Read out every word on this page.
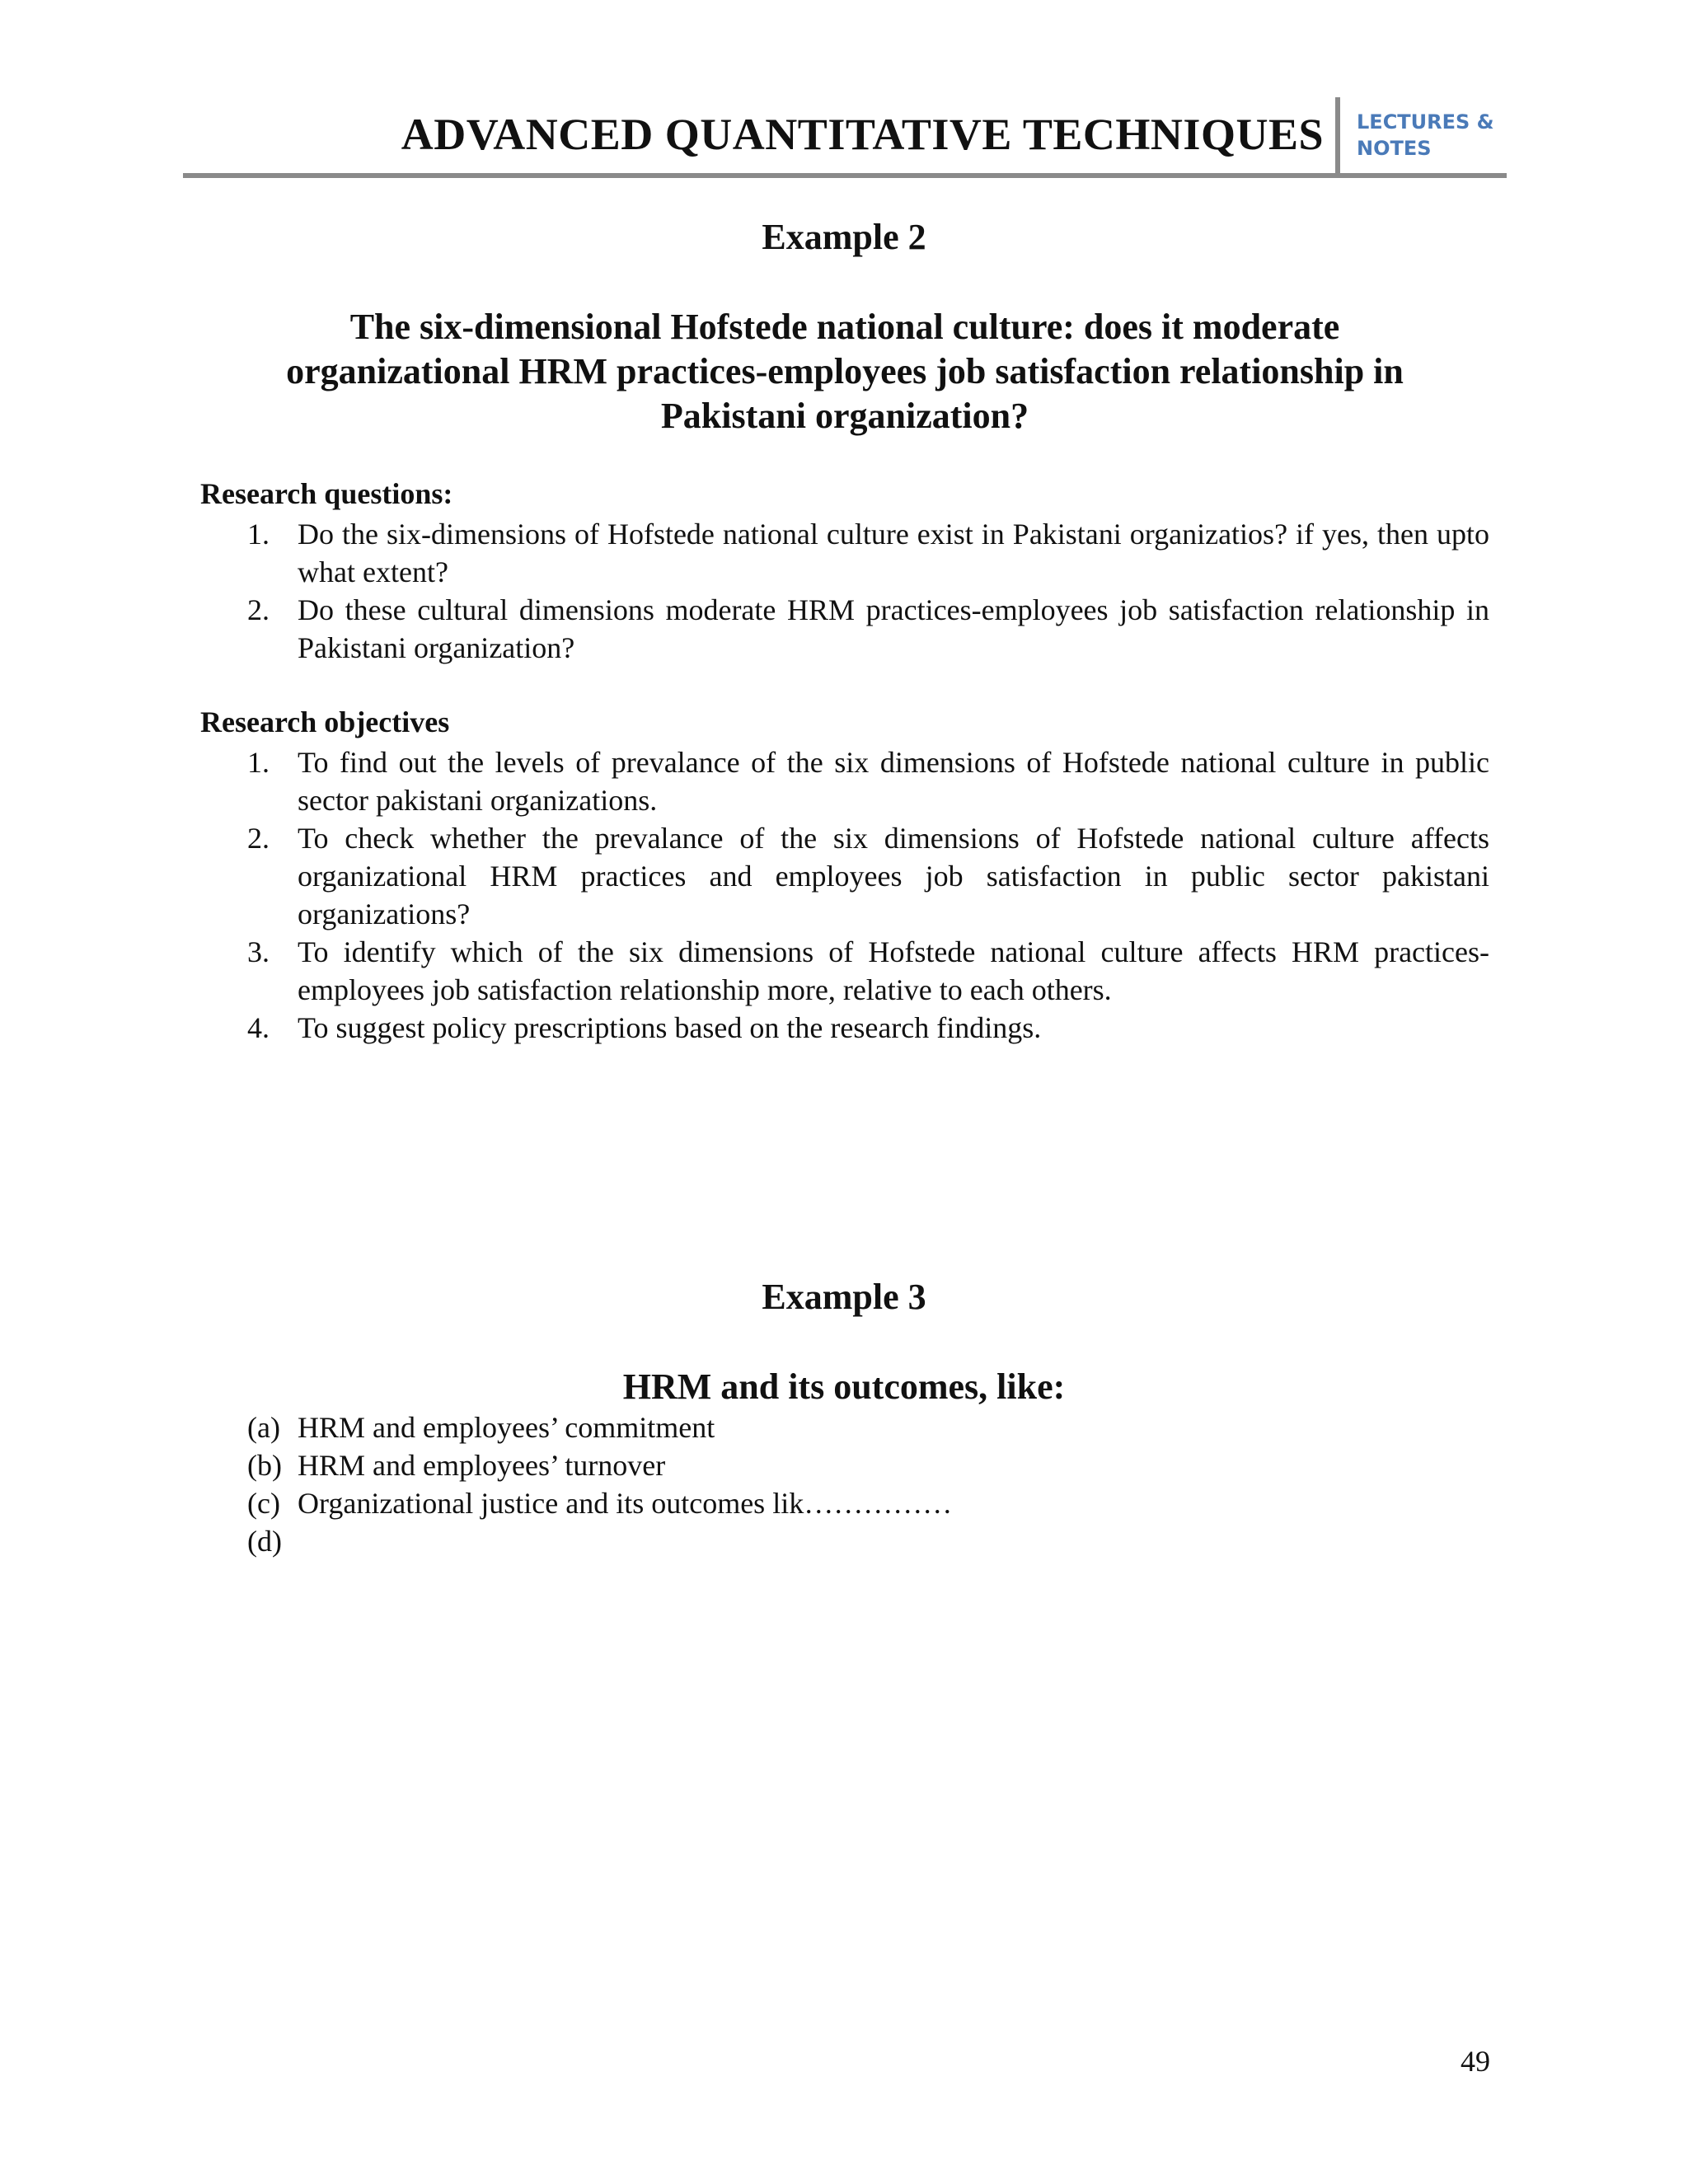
ADVANCED QUANTITATIVE TECHNIQUES LECTURES &
NOTES
Example 2
The six-dimensional Hofstede national culture: does it moderate
organizational HRM practices-employees job satisfaction relationship in
Pakistani organization?
Research questions:
1. Do the six-dimensions of Hofstede national culture exist in Pakistani organizatios? if yes, then upto what extent?
2. Do these cultural dimensions moderate HRM practices-employees job satisfaction relationship in Pakistani organization?
Research objectives
1. To find out the levels of prevalance of the six dimensions of Hofstede national culture in public sector pakistani organizations.
2. To check whether the prevalance of the six dimensions of Hofstede national culture affects organizational HRM practices and employees job satisfaction in public sector pakistani organizations?
3. To identify which of the six dimensions of Hofstede national culture affects HRM practices-employees job satisfaction relationship more, relative to each others.
4. To suggest policy prescriptions based on the research findings.
Example 3
HRM and its outcomes, like:
(a) HRM and employees’ commitment
(b) HRM and employees’ turnover
(c) Organizational justice and its outcomes lik……………
(d)
49
